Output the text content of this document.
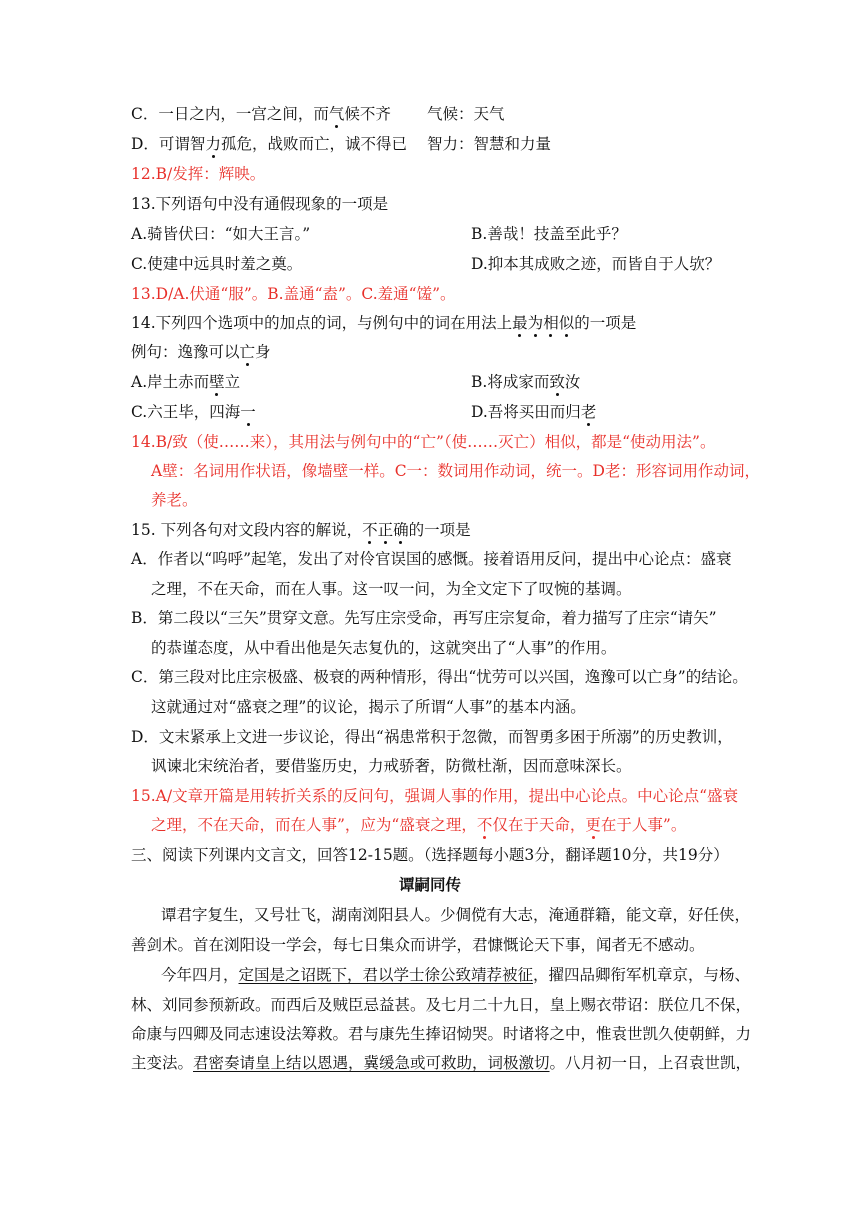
C．一日之内，一宫之间，而气候不齐 气候：天气
D．可谓智力孤危，战败而亡，诚不得已 智力：智慧和力量
12.B/发挥：辉映。
13.下列语句中没有通假现象的一项是
A.骑皆伏曰：“如大王言。”	B.善哉！技盖至此乎？
C.使建中远具时羞之奠。	D.抑本其成败之迹，而皆自于人欤？
13.D/A.伏通“服”。B.盖通“盍”。C.羞通“馐”。
14.下列四个选项中的加点的词，与例句中的词在用法上最为相似的一项是
例句：逸豫可以亡身
A.岸土赤而壁立	B.将成家而致汝
C.六王毕，四海一	D.吾将买田而归老
14.B/致（使……来），其用法与例句中的“亡”（使……灭亡）相似，都是“使动用法”。
A壁：名词用作状语，像墙壁一样。C一：数词用作动词，统一。D老：形容词用作动词，
养老。
15. 下列各句对文段内容的解说，不正确的一项是
A．作者以“呜呼”起笔，发出了对伶官误国的感慨。接着语用反问，提出中心论点：盛衰
之理，不在天命，而在人事。这一叹一问，为全文定下了叹惋的基调。
B．第二段以“三矢”贯穿文意。先写庄宗受命，再写庄宗复命，着力描写了庄宗“请矢”
的恭谨态度，从中看出他是矢志复仇的，这就突出了“人事”的作用。
C．第三段对比庄宗极盛、极衰的两种情形，得出“忧劳可以兴国，逸豫可以亡身”的结论。
这就通过对“盛衰之理”的议论，揭示了所谓“人事”的基本内涵。
D．文末紧承上文进一步议论，得出“祸患常积于忽微，而智勇多困于所溺”的历史教训，
讽谏北宋统治者，要借鉴历史，力戒骄奢，防微杜渐，因而意味深长。
15.A/文章开篇是用转折关系的反问句，强调人事的作用，提出中心论点。中心论点“盛衰
之理，不在天命，而在人事”，应为“盛衰之理，不仅在于天命，更在于人事”。
三、阅读下列课内文言文，回答12-15题。（选择题每小题3分，翻译题10分，共19分）
谭嗣同传
谭君字复生，又号壮飞，湖南浏阳县人。少倜傥有大志，淹通群籍，能文章，好任侠，
善剑术。首在浏阳设一学会，每七日集众而讲学，君慷慨论天下事，闻者无不感动。
今年四月，定国是之诏既下，君以学士徐公致靖荐被征，擢四品卿衔军机章京，与杨、
林、刘同参预新政。而西后及贼臣忌益甚。及七月二十九日，皇上赐衣带诏：朕位几不保，
命康与四卿及同志速设法筹救。君与康先生捧诏恸哭。时诸将之中，惟袁世凯久使朝鲜，力
主变法。君密奏请皇上结以恩遇，冀缓急或可救助，词极激切。八月初一日，上召袁世凯，
